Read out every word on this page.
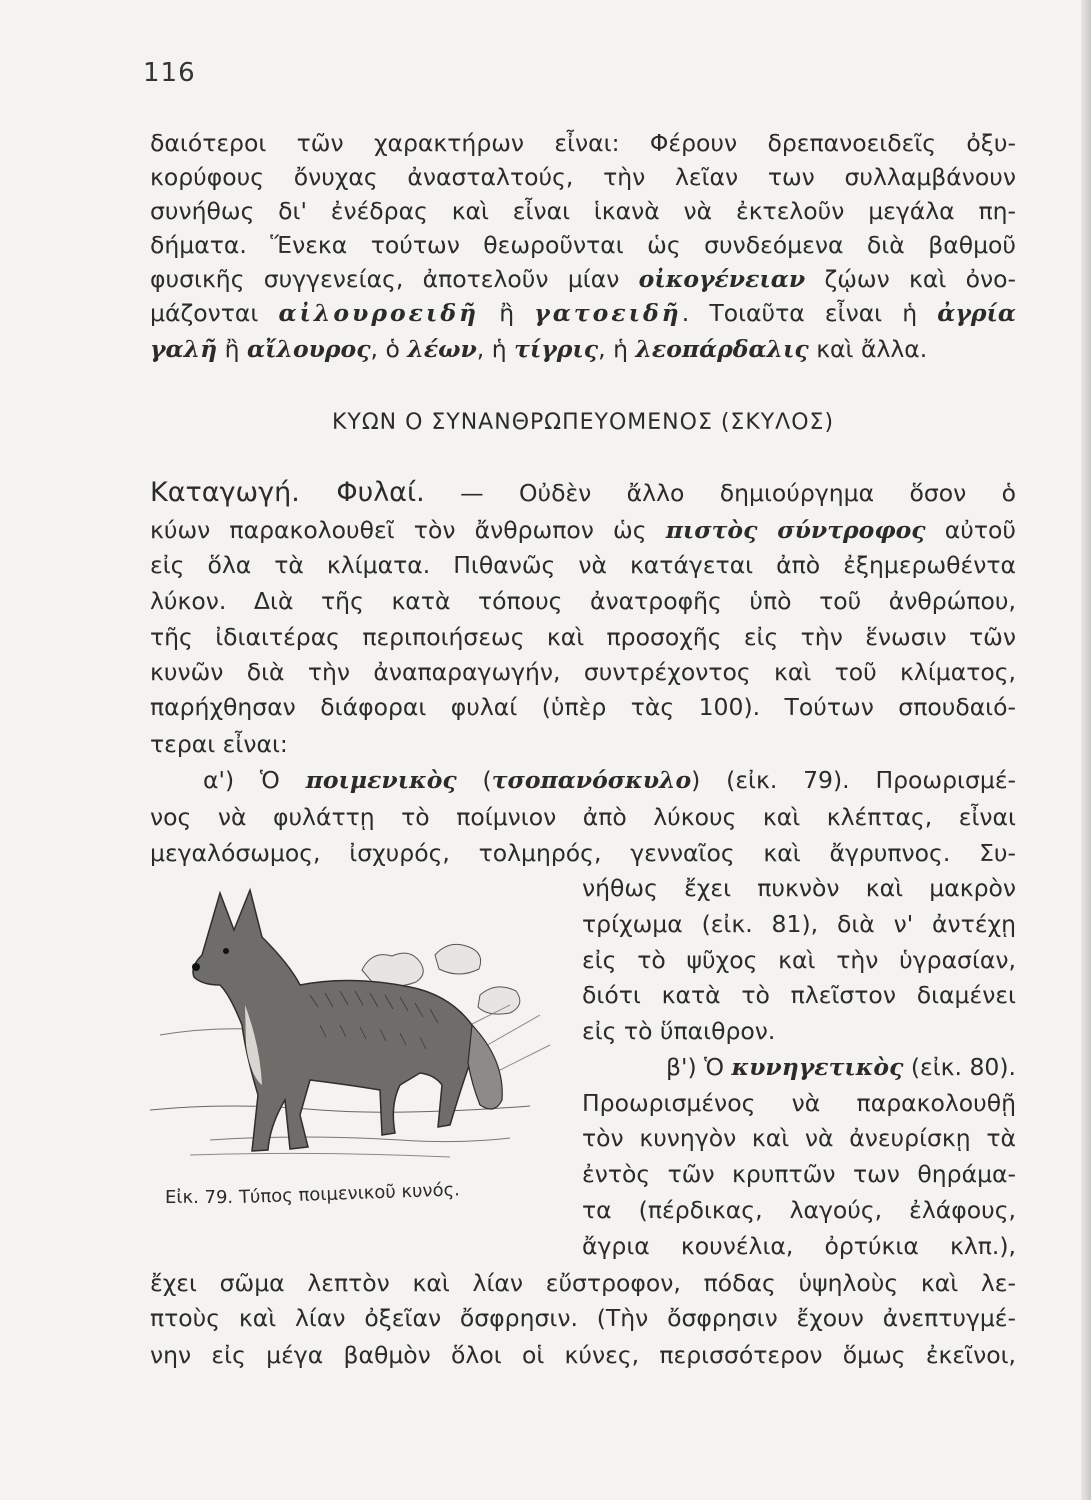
116
δαιότεροι τῶν χαρακτήρων εἶναι: Φέρουν δρεπανοειδεῖς ὀξυ-
κορύφους ὄνυχας ἀνασταλτούς, τὴν λεῖαν των συλλαμβάνουν
συνήθως δι' ἐνέδρας καὶ εἶναι ἱκανὰ νὰ ἐκτελοῦν μεγάλα πη-
δήματα. Ἕνεκα τούτων θεωροῦνται ὡς συνδεόμενα διὰ βαθμοῦ
φυσικῆς συγγενείας, ἀποτελοῦν μίαν οἰκογένειαν ζῴων καὶ ὀνο-
μάζονται αἰλουροειδῆ ἢ γατοειδῆ. Τοιαῦτα εἶναι ἡ ἀγρία
γαλῆ ἢ αἴλουρος, ὁ λέων, ἡ τίγρις, ἡ λεοπάρδαλις καὶ ἄλλα.
ΚΥΩΝ Ο ΣΥΝΑΝΘΡΩΠΕΥΟΜΕΝΟΣ (ΣΚΥΛΟΣ)
Καταγωγή. Φυλαί. — Οὐδὲν ἄλλο δημιούργημα ὅσον ὁ
κύων παρακολουθεῖ τὸν ἄνθρωπον ὡς πιστὸς σύντροφος αὐτοῦ
εἰς ὅλα τὰ κλίματα. Πιθανῶς νὰ κατάγεται ἀπὸ ἐξημερωθέντα
λύκον. Διὰ τῆς κατὰ τόπους ἀνατροφῆς ὑπὸ τοῦ ἀνθρώπου,
τῆς ἰδιαιτέρας περιποιήσεως καὶ προσοχῆς εἰς τὴν ἕνωσιν τῶν
κυνῶν διὰ τὴν ἀναπαραγωγήν, συντρέχοντος καὶ τοῦ κλίματος,
παρήχθησαν διάφοραι φυλαί (ὑπὲρ τὰς 100). Τούτων σπουδαιό-
τεραι εἶναι:
α') Ὁ ποιμενικὸς (τσοπανόσκυλο) (εἰκ. 79). Προωρισμέ-
νος νὰ φυλάττῃ τὸ ποίμνιον ἀπὸ λύκους καὶ κλέπτας, εἶναι
μεγαλόσωμος, ἰσχυρός, τολμηρός, γενναῖος καὶ ἄγρυπνος. Συ-
νήθως ἔχει πυκνὸν καὶ μακρὸν
τρίχωμα (εἰκ. 81), διὰ ν' ἀντέχῃ
εἰς τὸ ψῦχος καὶ τὴν ὑγρασίαν,
διότι κατὰ τὸ πλεῖστον διαμένει
εἰς τὸ ὕπαιθρον.
β') Ὁ κυνηγετικὸς (εἰκ. 80).
Προωρισμένος νὰ παρακολουθῇ
τὸν κυνηγὸν καὶ νὰ ἀνευρίσκῃ τὰ
ἐντὸς τῶν κρυπτῶν των θηράμα-
τα (πέρδικας, λαγούς, ἐλάφους,
ἄγρια κουνέλια, ὀρτύκια κλπ.),
ἔχει σῶμα λεπτὸν καὶ λίαν εὔστροφον, πόδας ὑψηλοὺς καὶ λε-
πτοὺς καὶ λίαν ὀξεῖαν ὄσφρησιν. (Τὴν ὄσφρησιν ἔχουν ἀνεπτυγμέ-
νην εἰς μέγα βαθμὸν ὅλοι οἱ κύνες, περισσότερον ὅμως ἐκεῖνοι,
Εἰκ. 79. Τύπος ποιμενικοῦ κυνός.
